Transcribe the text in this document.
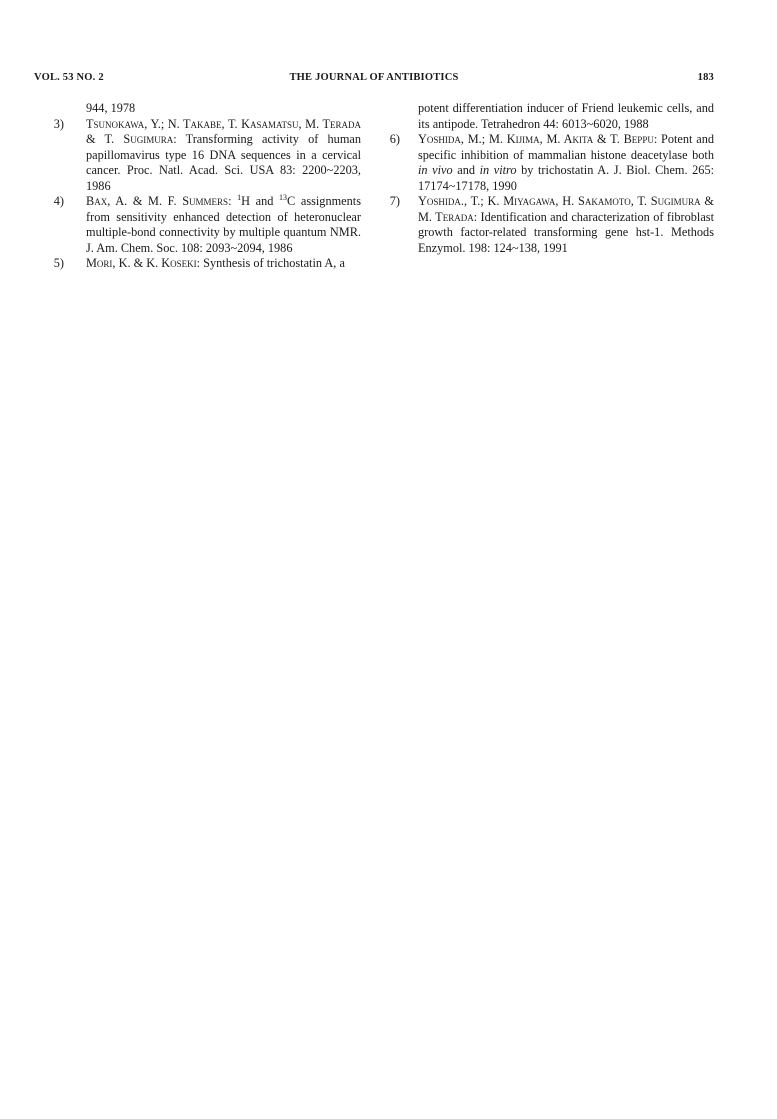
VOL. 53 NO. 2	THE JOURNAL OF ANTIBIOTICS	183
944, 1978
3) Tsunokawa, Y.; N. Takabe, T. Kasamatsu, M. Terada & T. Sugimura: Transforming activity of human papillomavirus type 16 DNA sequences in a cervical cancer. Proc. Natl. Acad. Sci. USA 83: 2200~2203, 1986
4) Bax, A. & M. F. Summers: $^1$H and $^{13}$C assignments from sensitivity enhanced detection of heteronuclear multiple-bond connectivity by multiple quantum NMR. J. Am. Chem. Soc. 108: 2093~2094, 1986
5) Mori, K. & K. Koseki: Synthesis of trichostatin A, a
potent differentiation inducer of Friend leukemic cells, and its antipode. Tetrahedron 44: 6013~6020, 1988
6) Yoshida, M.; M. Kijima, M. Akita & T. Beppu: Potent and specific inhibition of mammalian histone deacetylase both in vivo and in vitro by trichostatin A. J. Biol. Chem. 265: 17174~17178, 1990
7) Yoshida., T.; K. Miyagawa, H. Sakamoto, T. Sugimura & M. Terada: Identification and characterization of fibroblast growth factor-related transforming gene hst-1. Methods Enzymol. 198: 124~138, 1991
